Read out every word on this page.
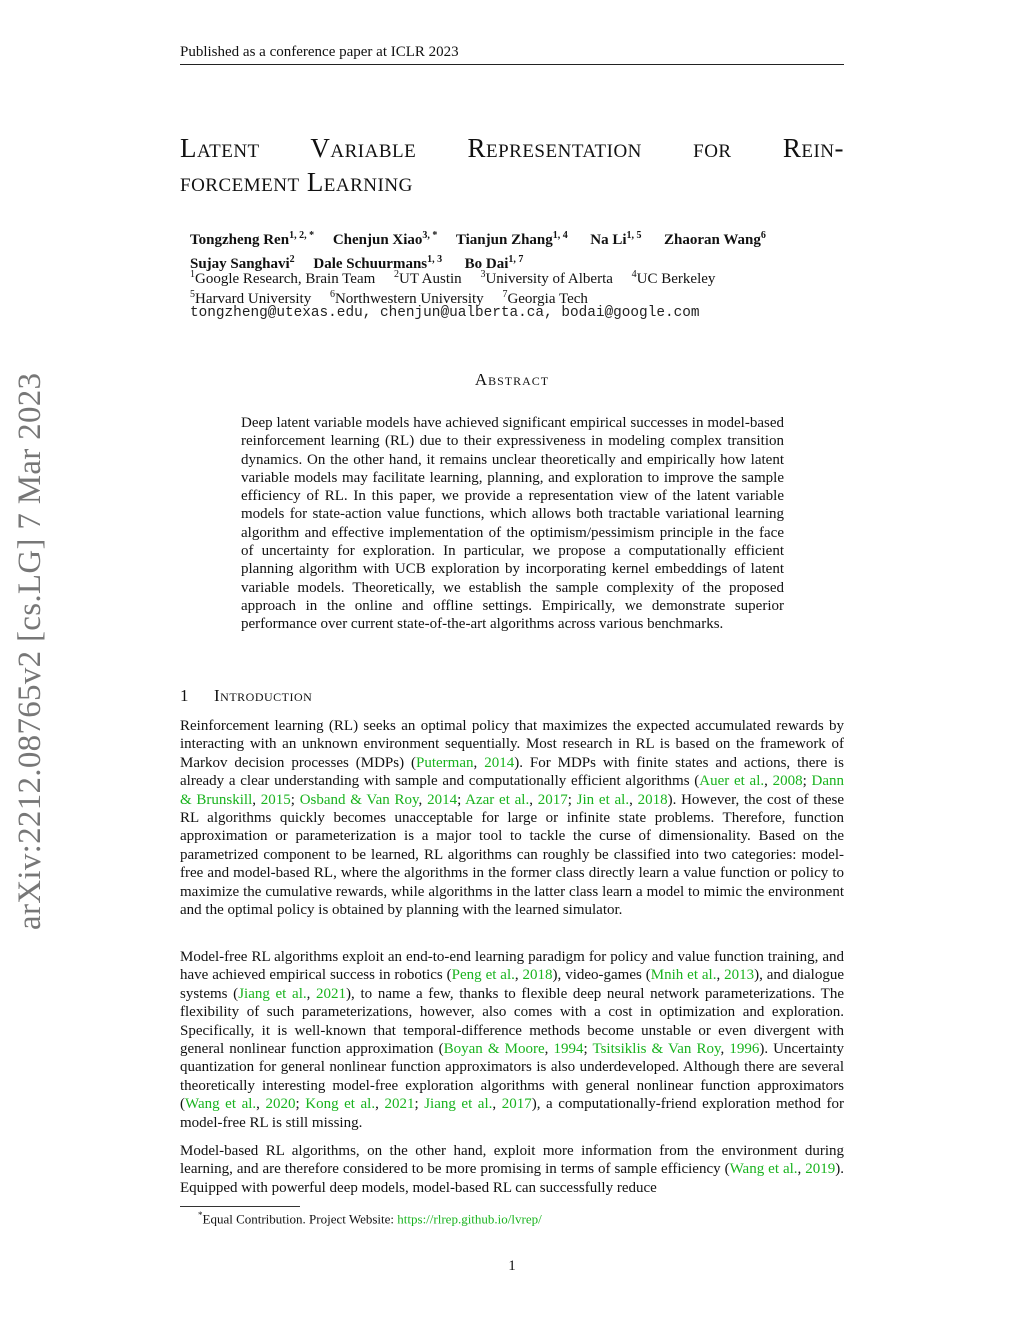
Published as a conference paper at ICLR 2023
Latent Variable Representation for Rein-
forcement Learning
Tongzheng Ren$^{1, 2, *}$ Chenjun Xiao$^{3, *}$ Tianjun Zhang$^{1, 4}$ Na Li$^{1, 5}$ Zhaoran Wang$^6$
Sujay Sanghavi$^2$ Dale Schuurmans$^{1, 3}$ Bo Dai$^{1, 7}$
$^1$Google Research, Brain Team $^2$UT Austin $^3$University of Alberta $^4$UC Berkeley
$^5$Harvard University $^6$Northwestern University $^7$Georgia Tech
tongzheng@utexas.edu, chenjun@ualberta.ca, bodai@google.com
arXiv:2212.08765v2 [cs.LG] 7 Mar 2023	Abstract
Deep latent variable models have achieved significant empirical successes in model-based reinforcement learning (RL) due to their expressiveness in modeling complex transition dynamics. On the other hand, it remains unclear theoretically and empirically how latent variable models may facilitate learning, planning, and exploration to improve the sample efficiency of RL. In this paper, we provide a representation view of the latent variable models for state-action value functions, which allows both tractable variational learning algorithm and effective implementation of the optimism/pessimism principle in the face of uncertainty for exploration. In particular, we propose a computationally efficient planning algorithm with UCB exploration by incorporating kernel embeddings of latent variable models. Theoretically, we establish the sample complexity of the proposed approach in the online and offline settings. Empirically, we demonstrate superior performance over current state-of-the-art algorithms across various benchmarks.
1 Introduction
Reinforcement learning (RL) seeks an optimal policy that maximizes the expected accumulated rewards by interacting with an unknown environment sequentially. Most research in RL is based on the framework of Markov decision processes (MDPs) (Puterman, 2014). For MDPs with finite states and actions, there is already a clear understanding with sample and computationally efficient algorithms (Auer et al., 2008; Dann & Brunskill, 2015; Osband & Van Roy, 2014; Azar et al., 2017; Jin et al., 2018). However, the cost of these RL algorithms quickly becomes unacceptable for large or infinite state problems. Therefore, function approximation or parameterization is a major tool to tackle the curse of dimensionality. Based on the parametrized component to be learned, RL algorithms can roughly be classified into two categories: model-free and model-based RL, where the algorithms in the former class directly learn a value function or policy to maximize the cumulative rewards, while algorithms in the latter class learn a model to mimic the environment and the optimal policy is obtained by planning with the learned simulator.
Model-free RL algorithms exploit an end-to-end learning paradigm for policy and value function training, and have achieved empirical success in robotics (Peng et al., 2018), video-games (Mnih et al., 2013), and dialogue systems (Jiang et al., 2021), to name a few, thanks to flexible deep neural network parameterizations. The flexibility of such parameterizations, however, also comes with a cost in optimization and exploration. Specifically, it is well-known that temporal-difference methods become unstable or even divergent with general nonlinear function approximation (Boyan & Moore, 1994; Tsitsiklis & Van Roy, 1996). Uncertainty quantization for general nonlinear function approximators is also underdeveloped. Although there are several theoretically interesting model-free exploration algorithms with general nonlinear function approximators (Wang et al., 2020; Kong et al., 2021; Jiang et al., 2017), a computationally-friend exploration method for model-free RL is still missing.
Model-based RL algorithms, on the other hand, exploit more information from the environment during learning, and are therefore considered to be more promising in terms of sample efficiency (Wang et al., 2019). Equipped with powerful deep models, model-based RL can successfully reduce
*Equal Contribution. Project Website: https://rlrep.github.io/lvrep/
1
